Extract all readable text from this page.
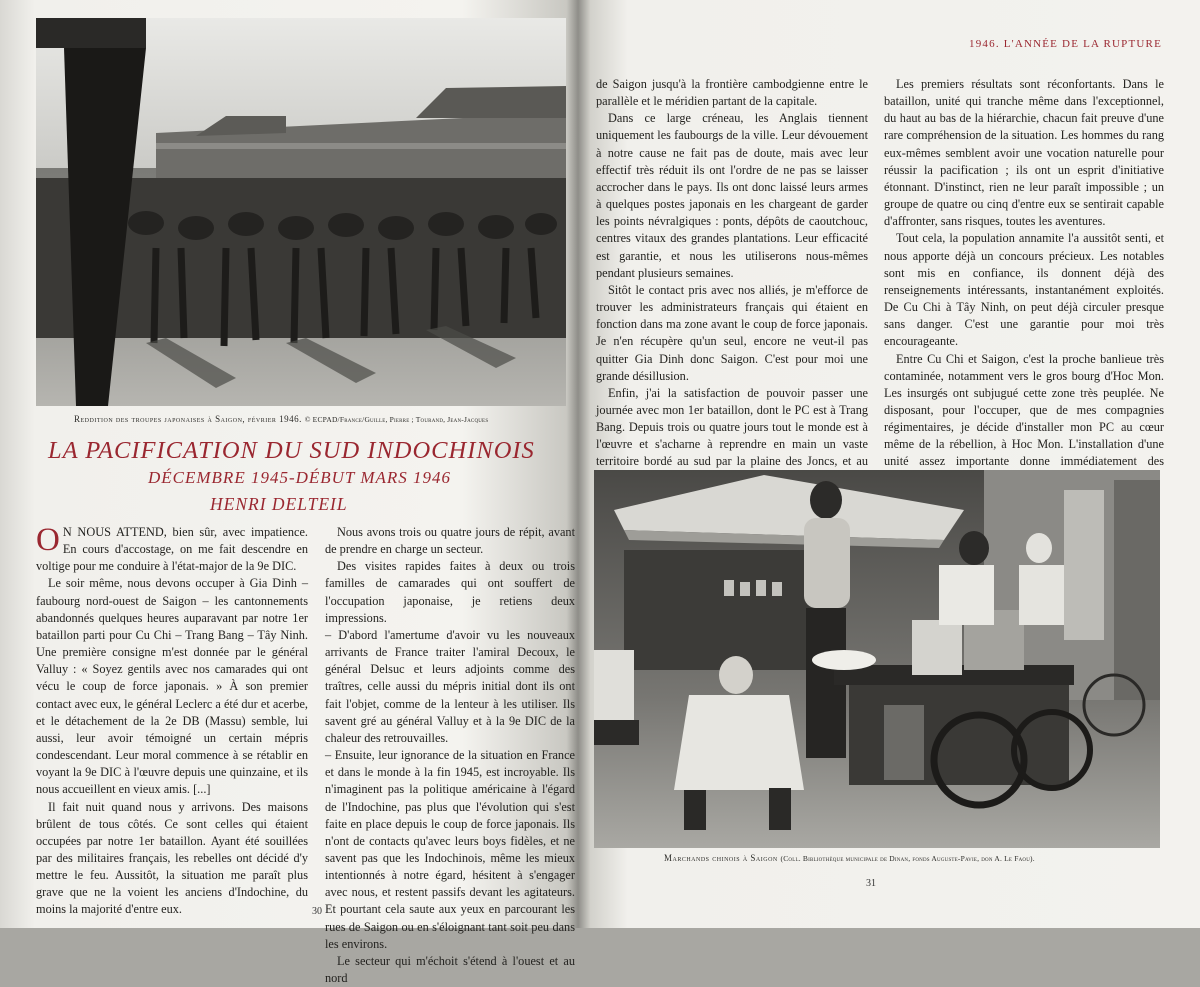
Reddition des troupes japonaises à Saigon, février 1946. © ECPAD/France/Guille, Pierre ; Tourand, Jean-Jacques
LA PACIFICATION DU SUD INDOCHINOIS
DÉCEMBRE 1945-DÉBUT MARS 1946
HENRI DELTEIL

O N NOUS ATTEND, bien sûr, avec impatience. En cours d'accostage, on me fait descendre en voltige pour me conduire à l'état-major de la 9e DIC.

Le soir même, nous devons occuper à Gia Dinh – faubourg nord-ouest de Saigon – les cantonnements abandonnés quelques heures auparavant par notre 1er bataillon parti pour Cu Chi – Trang Bang – Tây Ninh. Une première consigne m'est donnée par le général Valluy : « Soyez gentils avec nos camarades qui ont vécu le coup de force japonais. » À son premier contact avec eux, le général Leclerc a été dur et acerbe, et le détachement de la 2e DB (Massu) semble, lui aussi, leur avoir témoigné un certain mépris condescendant. Leur moral commence à se rétablir en voyant la 9e DIC à l'œuvre depuis une quinzaine, et ils nous accueillent en vieux amis. [...]

Il fait nuit quand nous y arrivons. Des maisons brûlent de tous côtés. Ce sont celles qui étaient occupées par notre 1er bataillon. Ayant été souillées par des militaires français, les rebelles ont décidé d'y mettre le feu. Aussitôt, la situation me paraît plus grave que ne la voient les anciens d'Indochine, du moins la majorité d'entre eux.

Nous avons trois ou quatre jours de répit, avant de prendre en charge un secteur.

Des visites rapides faites à deux ou trois familles de camarades qui ont souffert de l'occupation japonaise, je retiens deux impressions.

– D'abord l'amertume d'avoir vu les nouveaux arrivants de France traiter l'amiral Decoux, le général Delsuc et leurs adjoints comme des traîtres, celle aussi du mépris initial dont ils ont fait l'objet, comme de la lenteur à les utiliser. Ils savent gré au général Valluy et à la 9e DIC de la chaleur des retrouvailles.

– Ensuite, leur ignorance de la situation en France et dans le monde à la fin 1945, est incroyable. Ils n'imaginent pas la politique américaine à l'égard de l'Indochine, pas plus que l'évolution qui s'est faite en place depuis le coup de force japonais. Ils n'ont de contacts qu'avec leurs boys fidèles, et ne savent pas que les Indochinois, même les mieux intentionnés à notre égard, hésitent à s'engager avec nous, et restent passifs devant les agitateurs. Et pourtant cela saute aux yeux en parcourant les rues de Saigon ou en s'éloignant tant soit peu dans les environs.

Le secteur qui m'échoit s'étend à l'ouest et au nord

30
1946. L'ANNÉE DE LA RUPTURE

de Saigon jusqu'à la frontière cambodgienne entre le parallèle et le méridien partant de la capitale.

Dans ce large créneau, les Anglais tiennent uniquement les faubourgs de la ville. Leur dévouement à notre cause ne fait pas de doute, mais avec leur effectif très réduit ils ont l'ordre de ne pas se laisser accrocher dans le pays. Ils ont donc laissé leurs armes à quelques postes japonais en les chargeant de garder les points névralgiques : ponts, dépôts de caoutchouc, centres vitaux des grandes plantations. Leur efficacité est garantie, et nous les utiliserons nous-mêmes pendant plusieurs semaines.

Sitôt le contact pris avec nos alliés, je m'efforce de trouver les administrateurs français qui étaient en fonction dans ma zone avant le coup de force japonais. Je n'en récupère qu'un seul, encore ne veut-il pas quitter Gia Dinh donc Saigon. C'est pour moi une grande désillusion.

Enfin, j'ai la satisfaction de pouvoir passer une journée avec mon 1er bataillon, dont le PC est à Trang Bang. Depuis trois ou quatre jours tout le monde est à l'œuvre et s'acharne à reprendre en main un vaste territoire bordé au sud par la plaine des Joncs, et au

Les premiers résultats sont réconfortants. Dans le bataillon, unité qui tranche même dans l'exceptionnel, du haut au bas de la hiérarchie, chacun fait preuve d'une rare compréhension de la situation. Les hommes du rang eux-mêmes semblent avoir une vocation naturelle pour réussir la pacification ; ils ont un esprit d'initiative étonnant. D'instinct, rien ne leur paraît impossible ; un groupe de quatre ou cinq d'entre eux se sentirait capable d'affronter, sans risques, toutes les aventures.

Tout cela, la population annamite l'a aussitôt senti, et nous apporte déjà un concours précieux. Les notables sont mis en confiance, ils donnent déjà des renseignements intéressants, instantanément exploités. De Cu Chi à Tây Ninh, on peut déjà circuler presque sans danger. C'est une garantie pour moi très encourageante.

Entre Cu Chi et Saigon, c'est la proche banlieue très contaminée, notamment vers le gros bourg d'Hoc Mon. Les insurgés ont subjugué cette zone très peuplée. Ne disposant, pour l'occuper, que de mes compagnies régimentaires, je décide d'installer mon PC au cœur même de la rébellion, à Hoc Mon. L'installation d'une unité assez importante donne immédiatement des

Marchands chinois à Saigon (Coll. Bibliothèque municipale de Dinan, fonds Auguste-Pavie, don A. Le Faou).
31
